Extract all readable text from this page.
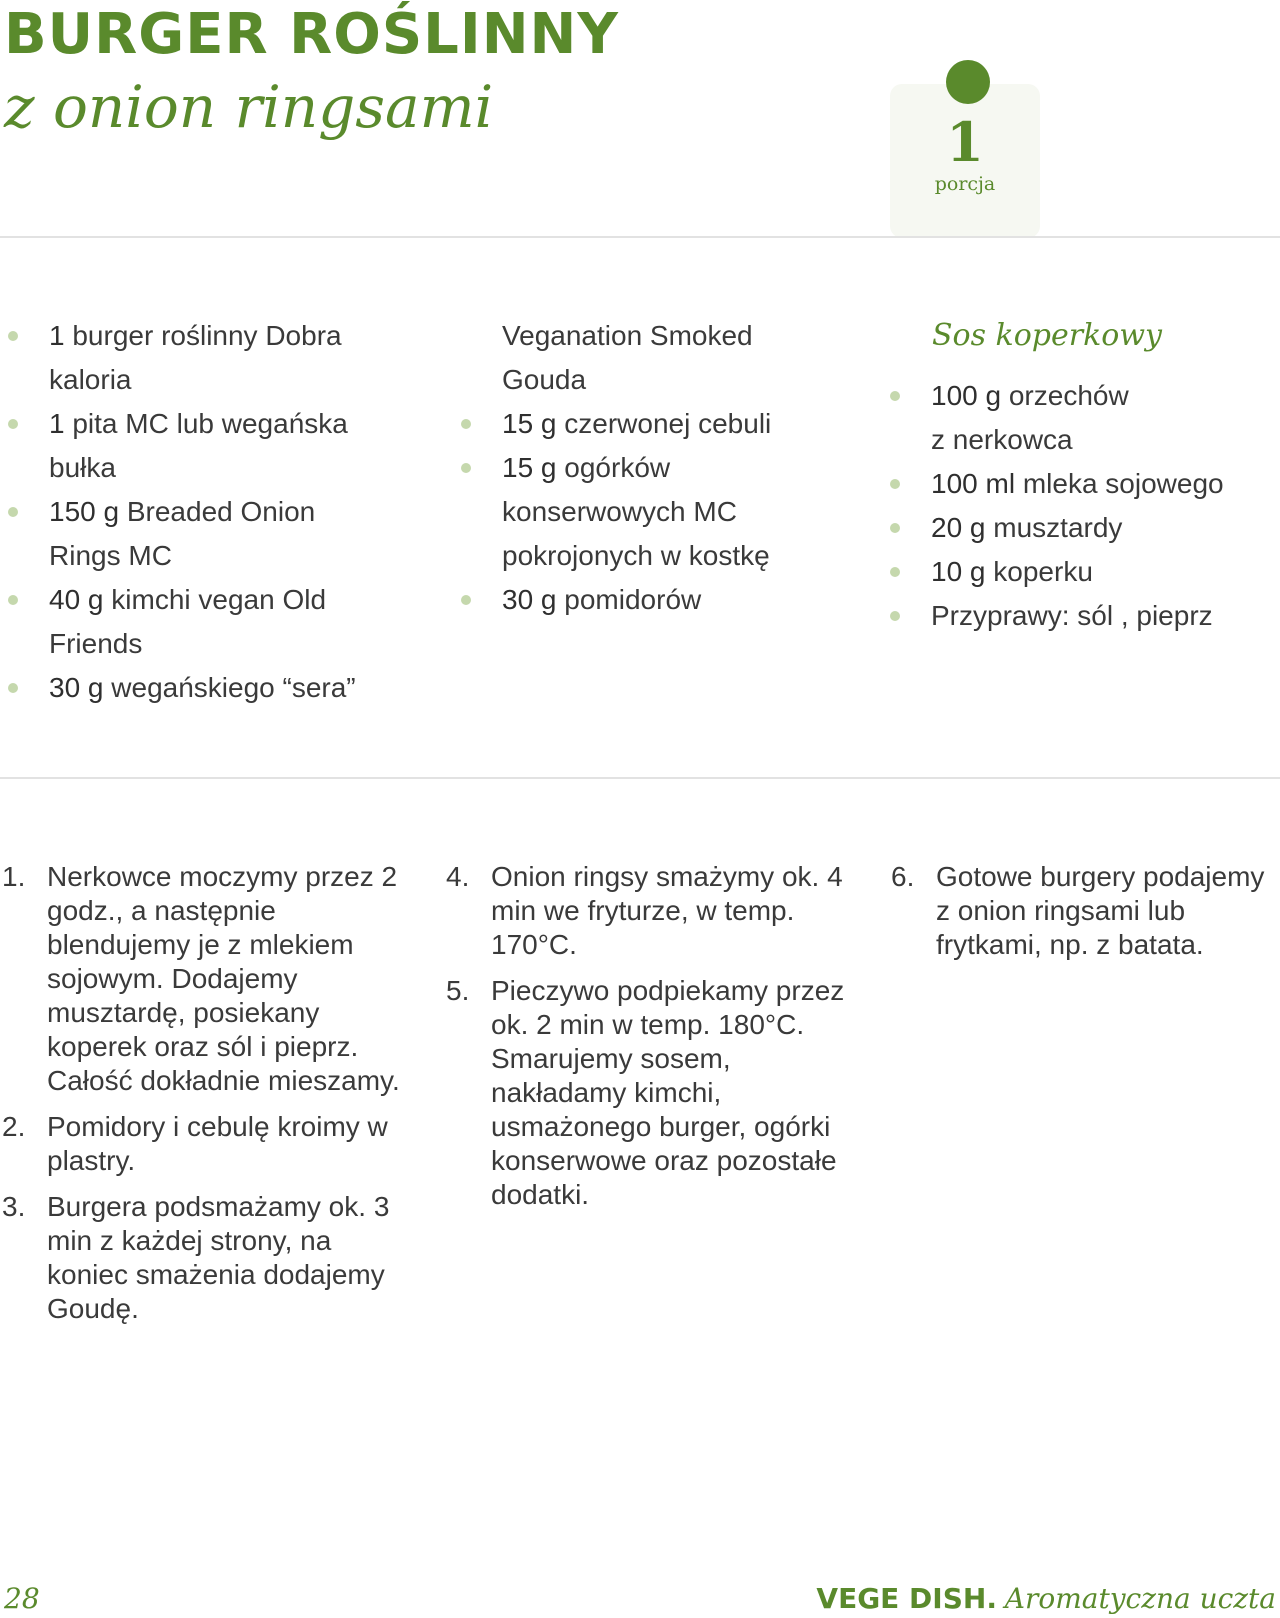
BURGER ROŚLINNY
z onion ringsami
1
porcja
1 burger roślinny Dobra
kaloria
1 pita MC lub wegańska
bułka
150 g Breaded Onion
Rings MC
40 g kimchi vegan Old
Friends
30 g wegańskiego “sera”
Veganation Smoked
Gouda
15 g czerwonej cebuli
15 g ogórków
konserwowych MC
pokrojonych w kostkę
30 g pomidorów
Sos koperkowy
100 g orzechów
z nerkowca
100 ml mleka sojowego
20 g musztardy
10 g koperku
Przyprawy: sól , pieprz
1. Nerkowce moczymy przez 2 godz., a następnie blendujemy je z mlekiem sojowym. Dodajemy musztardę, posiekany koperek oraz sól i pieprz. Całość dokładnie mieszamy.
2. Pomidory i cebulę kroimy w plastry.
3. Burgera podsmażamy ok. 3 min z każdej strony, na koniec smażenia dodajemy Goudę.
4. Onion ringsy smażymy ok. 4 min we fryturze, w temp. 170°C.
5. Pieczywo podpiekamy przez ok. 2 min w temp. 180°C. Smarujemy sosem, nakładamy kimchi, usmażonego burger, ogórki konserwowe oraz pozostałe dodatki.
6. Gotowe burgery podajemy z onion ringsami lub frytkami, np. z batata.
28	VEGE DISH. Aromatyczna uczta
